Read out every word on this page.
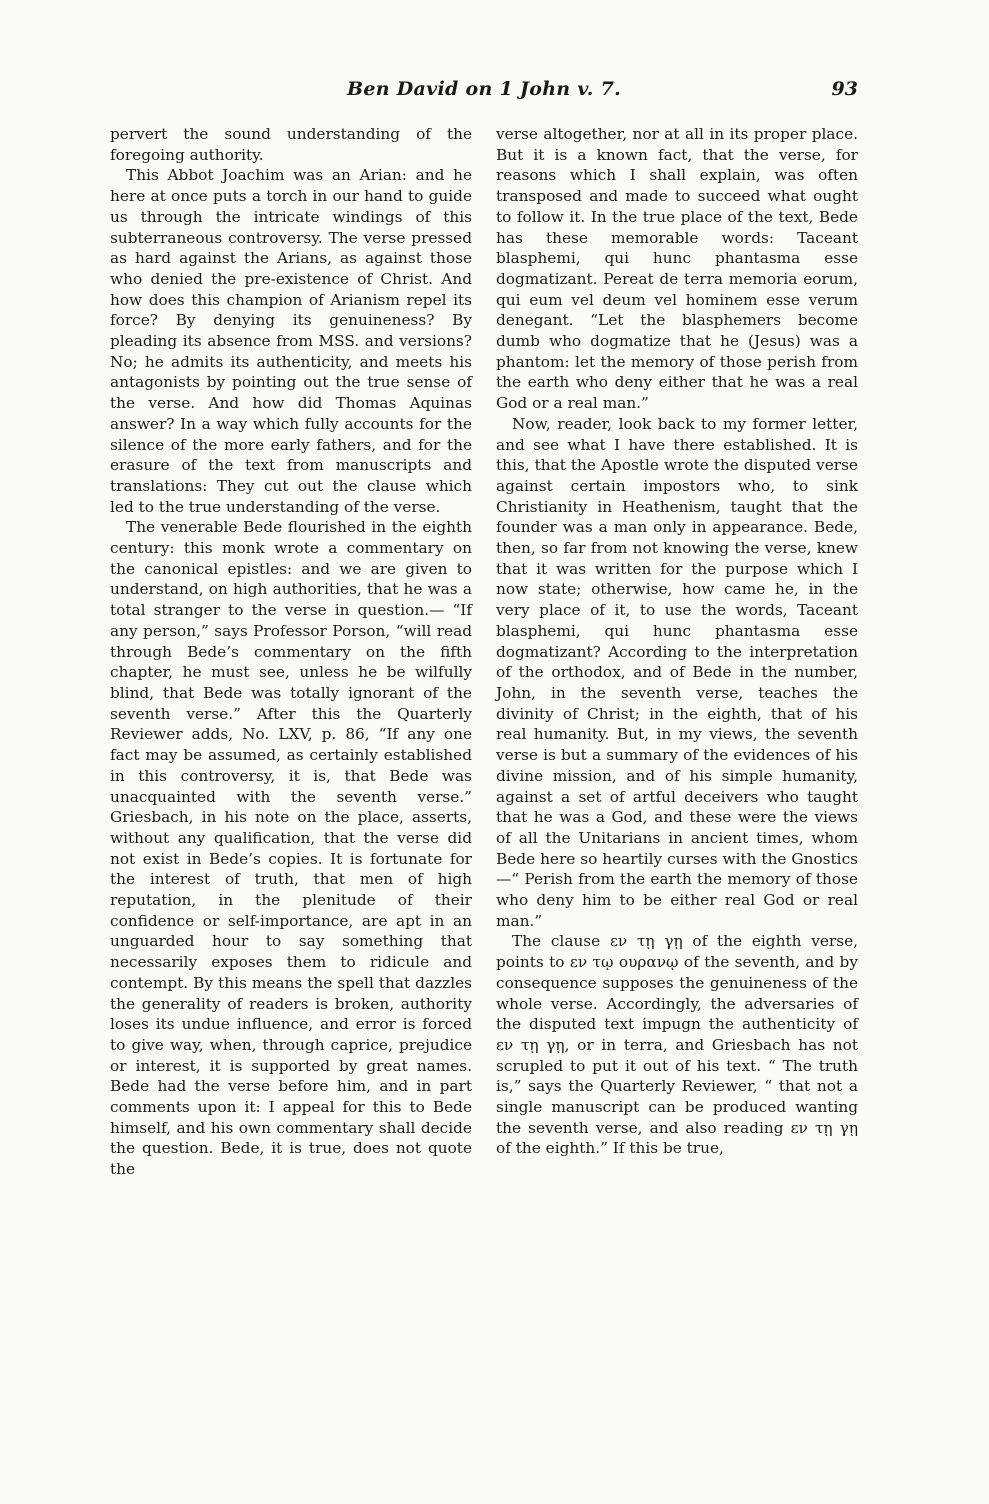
Ben David on 1 John v. 7.	93

pervert the sound understanding of the foregoing authority.

This Abbot Joachim was an Arian: and he here at once puts a torch in our hand to guide us through the intricate windings of this subterraneous controversy. The verse pressed as hard against the Arians, as against those who denied the pre-existence of Christ. And how does this champion of Arianism repel its force? By denying its genuineness? By pleading its absence from MSS. and versions? No; he admits its authenticity, and meets his antagonists by pointing out the true sense of the verse. And how did Thomas Aquinas answer? In a way which fully accounts for the silence of the more early fathers, and for the erasure of the text from manuscripts and translations: They cut out the clause which led to the true understanding of the verse.

The venerable Bede flourished in the eighth century: this monk wrote a commentary on the canonical epistles: and we are given to understand, on high authorities, that he was a total stranger to the verse in question.— “If any person,” says Professor Porson, “will read through Bede’s commentary on the fifth chapter, he must see, unless he be wilfully blind, that Bede was totally ignorant of the seventh verse.” After this the Quarterly Reviewer adds, No. LXV, p. 86, “If any one fact may be assumed, as certainly established in this controversy, it is, that Bede was unacquainted with the seventh verse.” Griesbach, in his note on the place, asserts, without any qualification, that the verse did not exist in Bede’s copies. It is fortunate for the interest of truth, that men of high reputation, in the plenitude of their confidence or self-importance, are apt in an unguarded hour to say something that necessarily exposes them to ridicule and contempt. By this means the spell that dazzles the generality of readers is broken, authority loses its undue influence, and error is forced to give way, when, through caprice, prejudice or interest, it is supported by great names. Bede had the verse before him, and in part comments upon it: I appeal for this to Bede himself, and his own commentary shall decide the question. Bede, it is true, does not quote the

verse altogether, nor at all in its proper place. But it is a known fact, that the verse, for reasons which I shall explain, was often transposed and made to succeed what ought to follow it. In the true place of the text, Bede has these memorable words: Taceant blasphemi, qui hunc phantasma esse dogmatizant. Pereat de terra memoria eorum, qui eum vel deum vel hominem esse verum denegant. “Let the blasphemers become dumb who dogmatize that he (Jesus) was a phantom: let the memory of those perish from the earth who deny either that he was a real God or a real man.”

Now, reader, look back to my former letter, and see what I have there established. It is this, that the Apostle wrote the disputed verse against certain impostors who, to sink Christianity in Heathenism, taught that the founder was a man only in appearance. Bede, then, so far from not knowing the verse, knew that it was written for the purpose which I now state; otherwise, how came he, in the very place of it, to use the words, Taceant blasphemi, qui hunc phantasma esse dogmatizant? According to the interpretation of the orthodox, and of Bede in the number, John, in the seventh verse, teaches the divinity of Christ; in the eighth, that of his real humanity. But, in my views, the seventh verse is but a summary of the evidences of his divine mission, and of his simple humanity, against a set of artful deceivers who taught that he was a God, and these were the views of all the Unitarians in ancient times, whom Bede here so heartily curses with the Gnostics—“ Perish from the earth the memory of those who deny him to be either real God or real man.”

The clause εν τῃ γῃ of the eighth verse, points to εν τῳ ουρανῳ of the seventh, and by consequence supposes the genuineness of the whole verse. Accordingly, the adversaries of the disputed text impugn the authenticity of εν τῃ γῃ, or in terra, and Griesbach has not scrupled to put it out of his text. “ The truth is,” says the Quarterly Reviewer, “ that not a single manuscript can be produced wanting the seventh verse, and also reading εν τῃ γῃ of the eighth.” If this be true,
